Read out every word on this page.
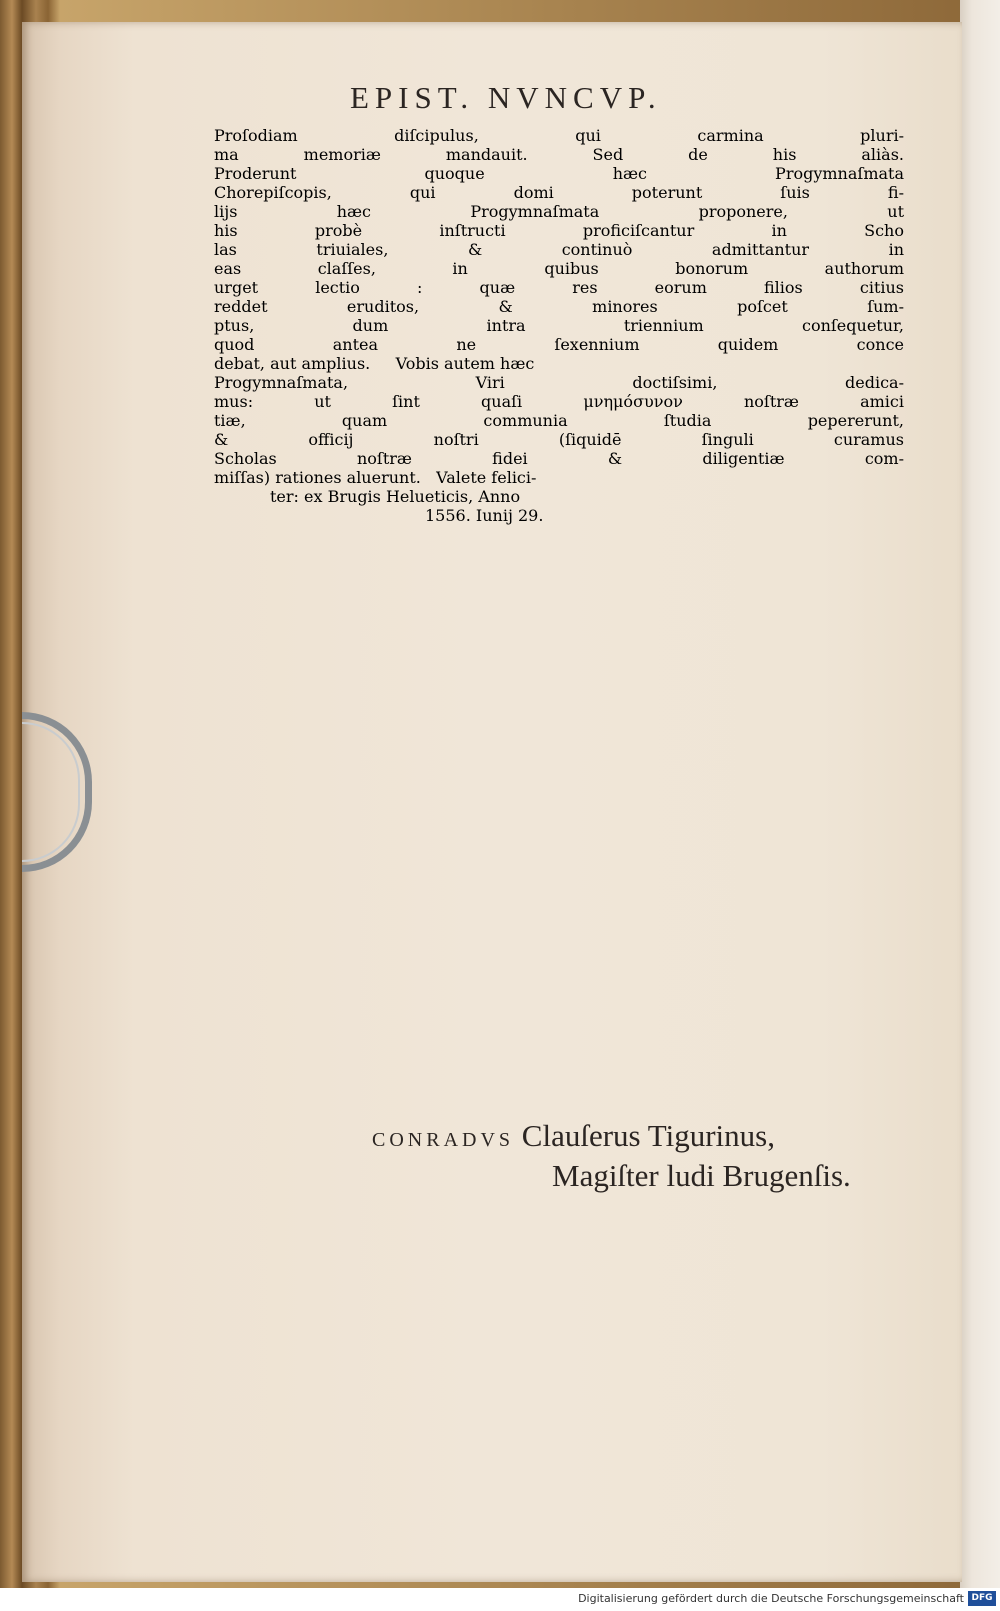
EPIST. NVNCVP.
Proſodiam diſcipulus, qui carmina pluri-
ma memoriæ mandauit. Sed de his aliàs.
Proderunt quoque hæc Progymnaſmata
Chorepiſcopis, qui domi poterunt ſuis fi-
lijs hæc Progymnaſmata proponere, ut
his probè inſtructi proficiſcantur in Scho
las triuiales, & continuò admittantur in
eas claſſes, in quibus bonorum authorum
urget lectio : quæ res eorum filios citius
reddet eruditos, & minores poſcet ſum-
ptus, dum intra triennium conſequetur,
quod antea ne ſexennium quidem conce
debat, aut amplius.     Vobis autem hæc
Progymnaſmata, Viri doctiſsimi, dedica-
mus: ut ſint quaſi μνημόσυνον noſtræ amici
tiæ, quam communia ſtudia pepererunt,
& officij noſtri (ſiquidē ſinguli curamus
Scholas noſtræ fidei & diligentiæ com-
miſſas) rationes aluerunt.   Valete felici-
ter: ex Brugis Helueticis, Anno
1556. Iunij 29.
CONRADVS Clauſerus Tigurinus,
Magiſter ludi Brugenſis.
Digitalisierung gefördert durch die Deutsche Forschungsgemeinschaft DFG
